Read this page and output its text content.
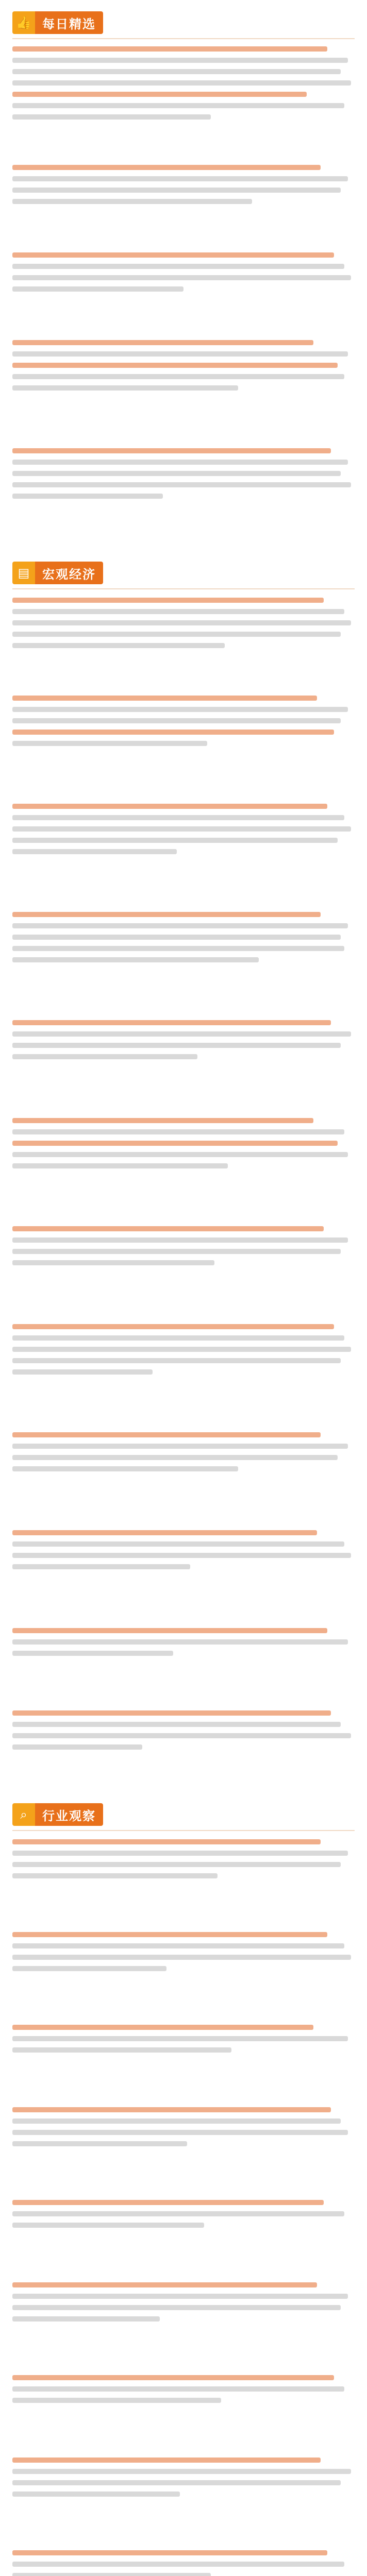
👍 每日精选
▤	宏观经济
⌕	行业观察
